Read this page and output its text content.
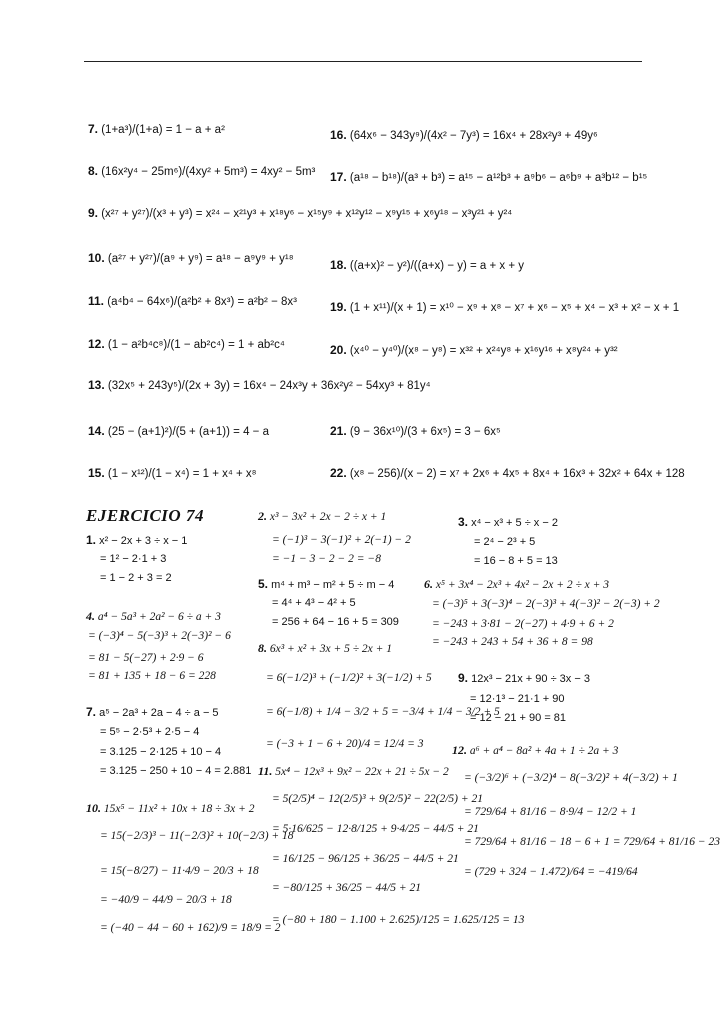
7. (1+a³)/(1+a) = 1 − a + a²
8. (16x²y⁴ − 25m⁶)/(4xy² + 5m³) = 4xy² − 5m³
9. (x²⁷ + y²⁷)/(x³ + y³) = x²⁴ − x²¹y³ + x¹⁸y⁶ − x¹⁵y⁹ + x¹²y¹² − x⁹y¹⁵ + x⁶y¹⁸ − x³y²¹ + y²⁴
10. (a²⁷ + y²⁷)/(a⁹ + y⁹) = a¹⁸ − a⁹y⁹ + y¹⁸
11. (a⁴b⁴ − 64x⁶)/(a²b² + 8x³) = a²b² − 8x³
12. (1 − a²b⁴c⁸)/(1 − ab²c⁴) = 1 + ab²c⁴
13. (32x⁵ + 243y⁵)/(2x + 3y) = 16x⁴ − 24x³y + 36x²y² − 54xy³ + 81y⁴
14. (25 − (a+1)²)/(5 + (a+1)) = 4 − a
15. (1 − x¹²)/(1 − x⁴) = 1 + x⁴ + x⁸
16. (64x⁶ − 343y⁹)/(4x² − 7y³) = 16x⁴ + 28x²y³ + 49y⁶
17. (a¹⁸ − b¹⁸)/(a³ + b³) = a¹⁵ − a¹²b³ + a⁹b⁶ − a⁶b⁹ + a³b¹² − b¹⁵
18. ((a+x)² − y²)/((a+x) − y) = a + x + y
19. (1 + x¹¹)/(x + 1) = x¹⁰ − x⁹ + x⁸ − x⁷ + x⁶ − x⁵ + x⁴ − x³ + x² − x + 1
20. (x⁴⁰ − y⁴⁰)/(x⁸ − y⁸) = x³² + x²⁴y⁸ + x¹⁶y¹⁶ + x⁸y²⁴ + y³²
21. (9 − 36x¹⁰)/(3 + 6x⁵) = 3 − 6x⁵
22. (x⁸ − 256)/(x − 2) = x⁷ + 2x⁶ + 4x⁵ + 8x⁴ + 16x³ + 32x² + 64x + 128
EJERCICIO 74
1. x² − 2x + 3 ÷ x − 1
= 1² − 2·1 + 3
= 1 − 2 + 3 = 2
2. x³ − 3x² + 2x − 2 ÷ x + 1
= (−1)³ − 3(−1)² + 2(−1) − 2
= −1 − 3 − 2 − 2 = −8
3. x⁴ − x³ + 5 ÷ x − 2
= 2⁴ − 2³ + 5
= 16 − 8 + 5 = 13
4. a⁴ − 5a³ + 2a² − 6 ÷ a + 3
= (−3)⁴ − 5(−3)³ + 2(−3)² − 6
= 81 − 5(−27) + 2·9 − 6
= 81 + 135 + 18 − 6 = 228
5. m⁴ + m³ − m² + 5 ÷ m − 4
= 4⁴ + 4³ − 4² + 5
= 256 + 64 − 16 + 5 = 309
6. x⁵ + 3x⁴ − 2x³ + 4x² − 2x + 2 ÷ x + 3
= (−3)⁵ + 3(−3)⁴ − 2(−3)³ + 4(−3)² − 2(−3) + 2
= −243 + 3·81 − 2(−27) + 4·9 + 6 + 2
= −243 + 243 + 54 + 36 + 8 = 98
7. a⁵ − 2a³ + 2a − 4 ÷ a − 5
= 5⁵ − 2·5³ + 2·5 − 4
= 3.125 − 2·125 + 10 − 4
= 3.125 − 250 + 10 − 4 = 2.881
8. 6x³ + x² + 3x + 5 ÷ 2x + 1
= 6(−1/2)³ + (−1/2)² + 3(−1/2) + 5
= 6(−1/8) + 1/4 − 3/2 + 5 = −3/4 + 1/4 − 3/2 + 5
= (−3 + 1 − 6 + 20)/4 = 12/4 = 3
9. 12x³ − 21x + 90 ÷ 3x − 3
= 12·1³ − 21·1 + 90
= 12 − 21 + 90 = 81
10. 15x⁵ − 11x² + 10x + 18 ÷ 3x + 2
= 15(−2/3)³ − 11(−2/3)² + 10(−2/3) + 18
= 15(−8/27) − 11·4/9 − 20/3 + 18
= −40/9 − 44/9 − 20/3 + 18
= (−40 − 44 − 60 + 162)/9 = 18/9 = 2
11. 5x⁴ − 12x³ + 9x² − 22x + 21 ÷ 5x − 2
= 5(2/5)⁴ − 12(2/5)³ + 9(2/5)² − 22(2/5) + 21
= 5·16/625 − 12·8/125 + 9·4/25 − 44/5 + 21
= 16/125 − 96/125 + 36/25 − 44/5 + 21
= −80/125 + 36/25 − 44/5 + 21
= (−80 + 180 − 1.100 + 2.625)/125 = 1.625/125 = 13
12. a⁶ + a⁴ − 8a² + 4a + 1 ÷ 2a + 3
= (−3/2)⁶ + (−3/2)⁴ − 8(−3/2)² + 4(−3/2) + 1
= 729/64 + 81/16 − 8·9/4 − 12/2 + 1
= 729/64 + 81/16 − 18 − 6 + 1 = 729/64 + 81/16 − 23
= (729 + 324 − 1.472)/64 = −419/64
